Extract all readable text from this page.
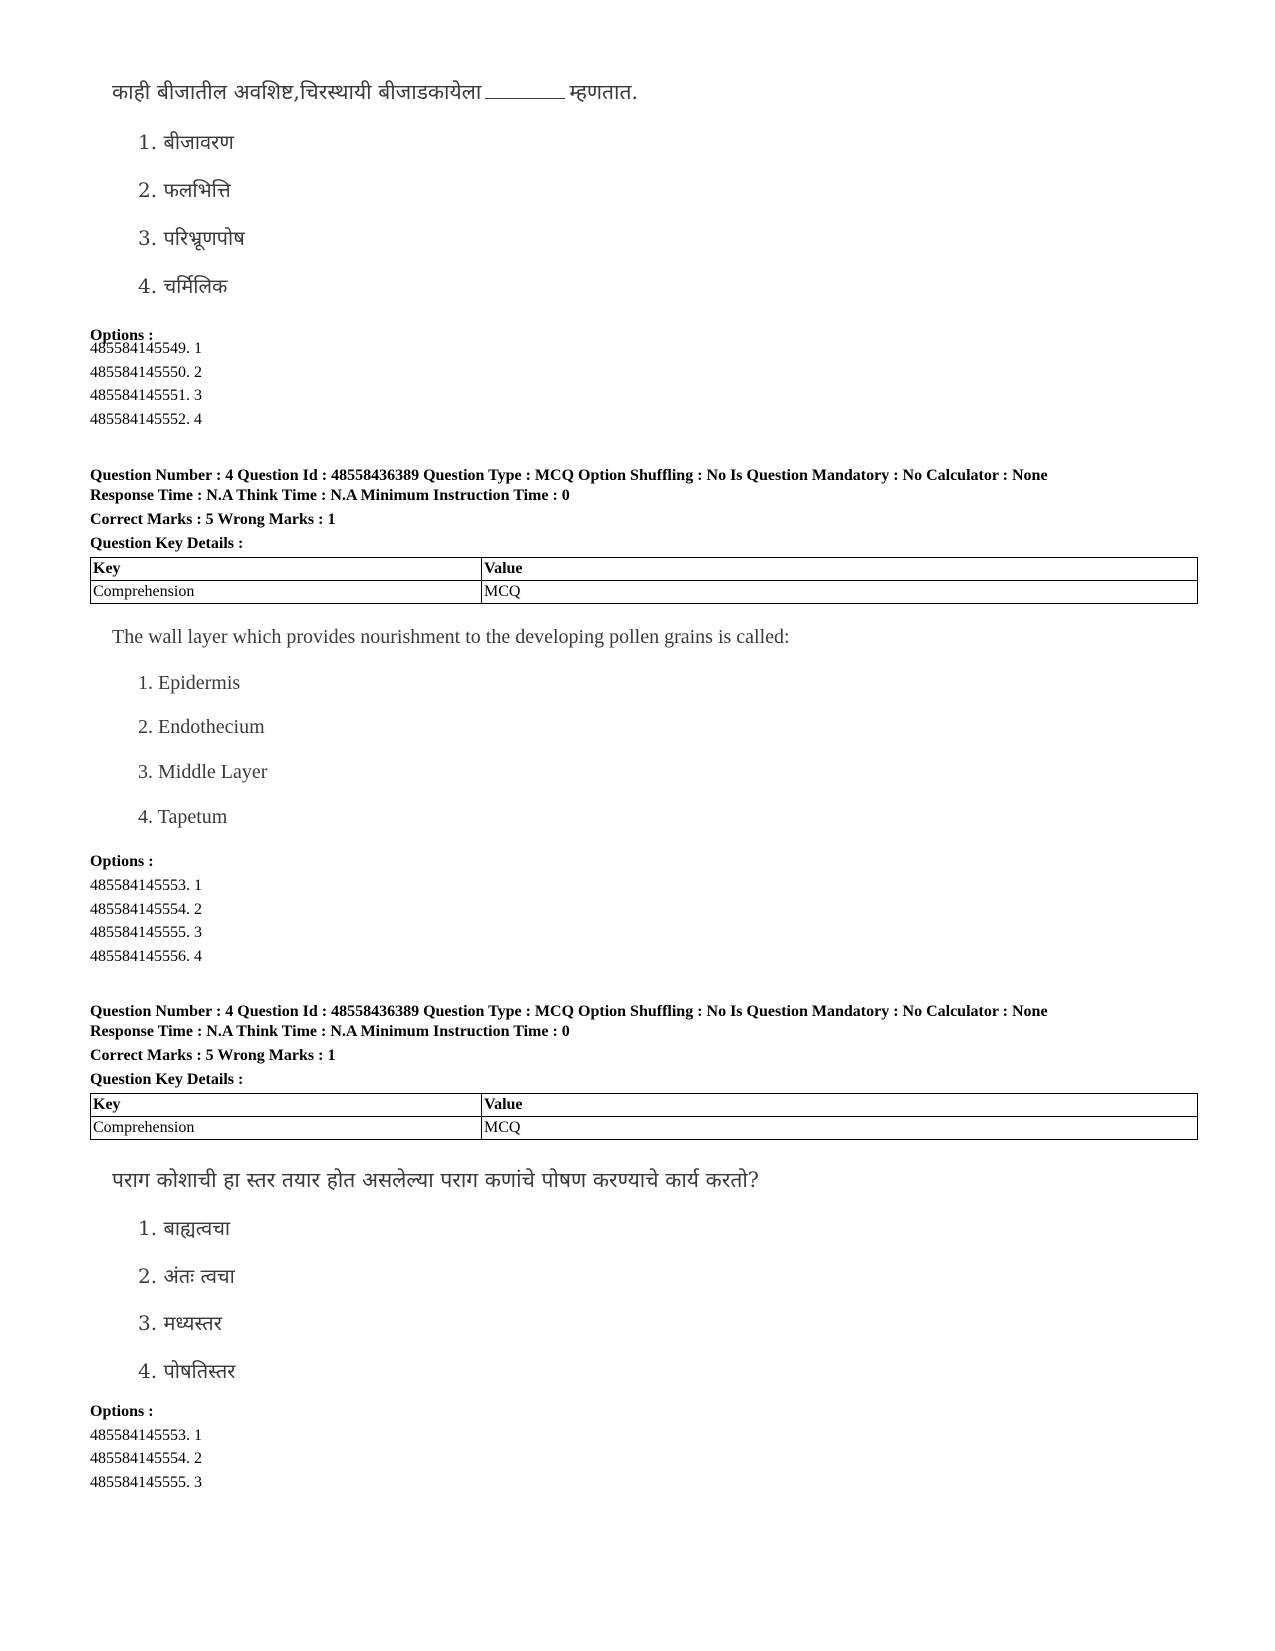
काही बीजातील अवशिष्ट,चिरस्थायी बीजाडकायेला	म्हणतात.
1. बीजावरण
2. फलभित्ति
3. परिभ्रूणपोष
4. चर्मिलिक
Options :
485584145549. 1
485584145550. 2
485584145551. 3
485584145552. 4
Question Number : 4 Question Id : 48558436389 Question Type : MCQ Option Shuffling : No Is Question Mandatory : No Calculator : None
Response Time : N.A Think Time : N.A Minimum Instruction Time : 0
Correct Marks : 5 Wrong Marks : 1
Question Key Details :
Key	Value
Comprehension	MCQ
The wall layer which provides nourishment to the developing pollen grains is called:
1. Epidermis
2. Endothecium
3. Middle Layer
4. Tapetum
Options :
485584145553. 1
485584145554. 2
485584145555. 3
485584145556. 4
Question Number : 4 Question Id : 48558436389 Question Type : MCQ Option Shuffling : No Is Question Mandatory : No Calculator : None
Response Time : N.A Think Time : N.A Minimum Instruction Time : 0
Correct Marks : 5 Wrong Marks : 1
Question Key Details :
Key	Value
Comprehension	MCQ
पराग कोशाची हा स्तर तयार होत असलेल्या पराग कणांचे पोषण करण्याचे कार्य करतो?
1. बाह्यत्वचा
2. अंतः त्वचा
3. मध्यस्तर
4. पोषतिस्तर
Options :
485584145553. 1
485584145554. 2
485584145555. 3
